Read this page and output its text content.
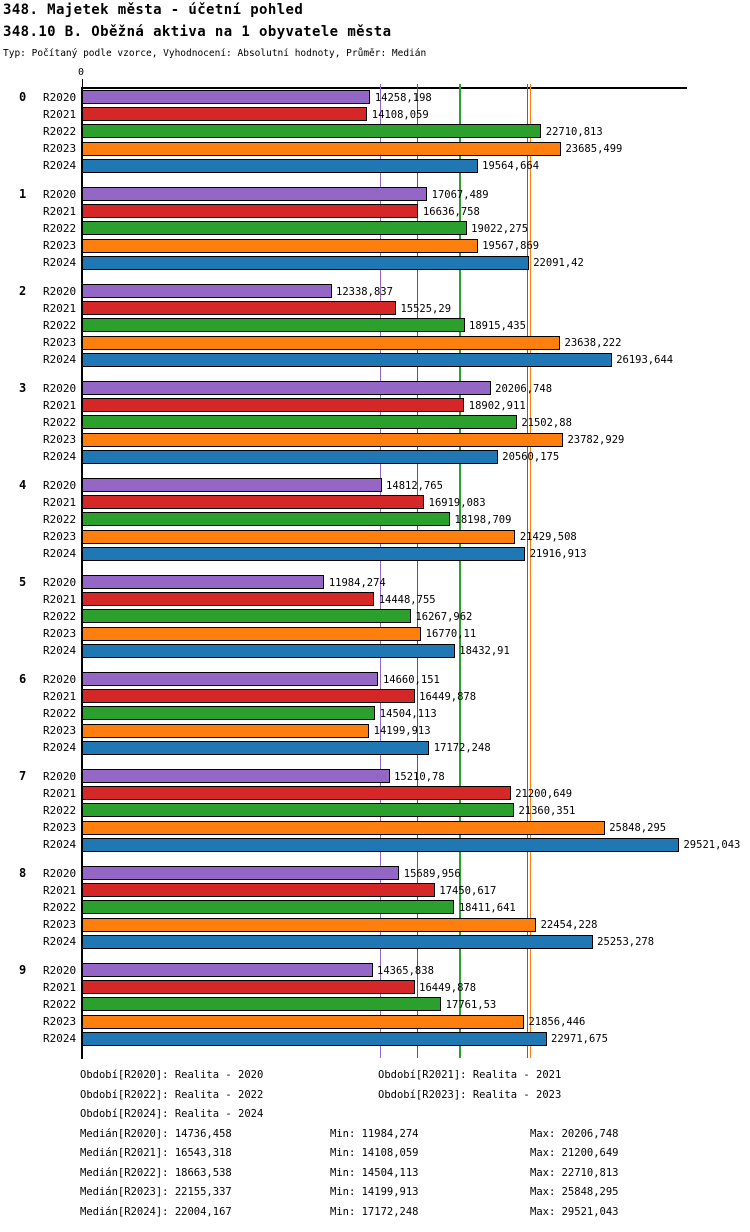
348. Majetek města - účetní pohled
348.10 B. Oběžná aktiva na 1 obyvatele města
Typ: Počítaný podle vzorce, Vyhodnocení: Absolutní hodnoty, Průměr: Medián
0
0	R2020	14258,198
R2021	14108,059
R2022	22710,813
R2023	23685,499
R2024	19564,664
1	R2020	17067,489
R2021	16636,758
R2022	19022,275
R2023	19567,869
R2024	22091,42
2	R2020	12338,837
R2021	15525,29
R2022	18915,435
R2023	23638,222
R2024	26193,644
3	R2020	20206,748
R2021	18902,911
R2022	21502,88
R2023	23782,929
R2024	20560,175
4	R2020	14812,765
R2021	16919,083
R2022	18198,709
R2023	21429,508
R2024	21916,913
5	R2020	11984,274
R2021	14448,755
R2022	16267,962
R2023	16770,11
R2024	18432,91
6	R2020	14660,151
R2021	16449,878
R2022	14504,113
R2023	14199,913
R2024	17172,248
7	R2020	15210,78
R2021	21200,649
R2022	21360,351
R2023	25848,295
R2024	29521,043
8	R2020	15689,956
R2021	17450,617
R2022	18411,641
R2023	22454,228
R2024	25253,278
9	R2020	14365,838
R2021	16449,878
R2022	17761,53
R2023	21856,446
R2024	22971,675
Období[R2020]: Realita - 2020	Období[R2021]: Realita - 2021
Období[R2022]: Realita - 2022	Období[R2023]: Realita - 2023
Období[R2024]: Realita - 2024
Medián[R2020]: 14736,458	Min: 11984,274	Max: 20206,748
Medián[R2021]: 16543,318	Min: 14108,059	Max: 21200,649
Medián[R2022]: 18663,538	Min: 14504,113	Max: 22710,813
Medián[R2023]: 22155,337	Min: 14199,913	Max: 25848,295
Medián[R2024]: 22004,167	Min: 17172,248	Max: 29521,043
